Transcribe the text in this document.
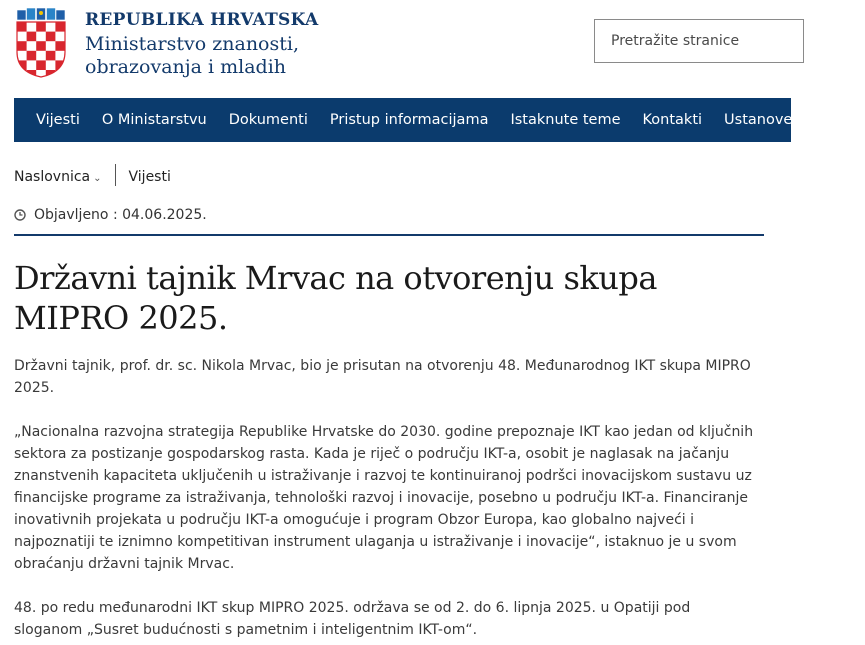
REPUBLIKA HRVATSKA
Ministarstvo znanosti,
obrazovanja i mladih
Pretražite stranice
Vijesti O Ministarstvu Dokumenti Pristup informacijama Istaknute teme Kontakti Ustanove HITNI
Naslovnica ⌄ Vijesti
Objavljeno : 04.06.2025.
Državni tajnik Mrvac na otvorenju skupa MIPRO 2025.

Državni tajnik, prof. dr. sc. Nikola Mrvac, bio je prisutan na otvorenju 48. Međunarodnog IKT skupa MIPRO 2025.

„Nacionalna razvojna strategija Republike Hrvatske do 2030. godine prepoznaje IKT kao jedan od ključnih sektora za postizanje gospodarskog rasta. Kada je riječ o području IKT-a, osobit je naglasak na jačanju znanstvenih kapaciteta uključenih u istraživanje i razvoj te kontinuiranoj podršci inovacijskom sustavu uz financijske programe za istraživanja, tehnološki razvoj i inovacije, posebno u području IKT-a. Financiranje inovativnih projekata u području IKT-a omogućuje i program Obzor Europa, kao globalno najveći i najpoznatiji te iznimno kompetitivan instrument ulaganja u istraživanje i inovacije“, istaknuo je u svom obraćanju državni tajnik Mrvac.

48. po redu međunarodni IKT skup MIPRO 2025. održava se od 2. do 6. lipnja 2025. u Opatiji pod sloganom „Susret budućnosti s pametnim i inteligentnim IKT-om“.
